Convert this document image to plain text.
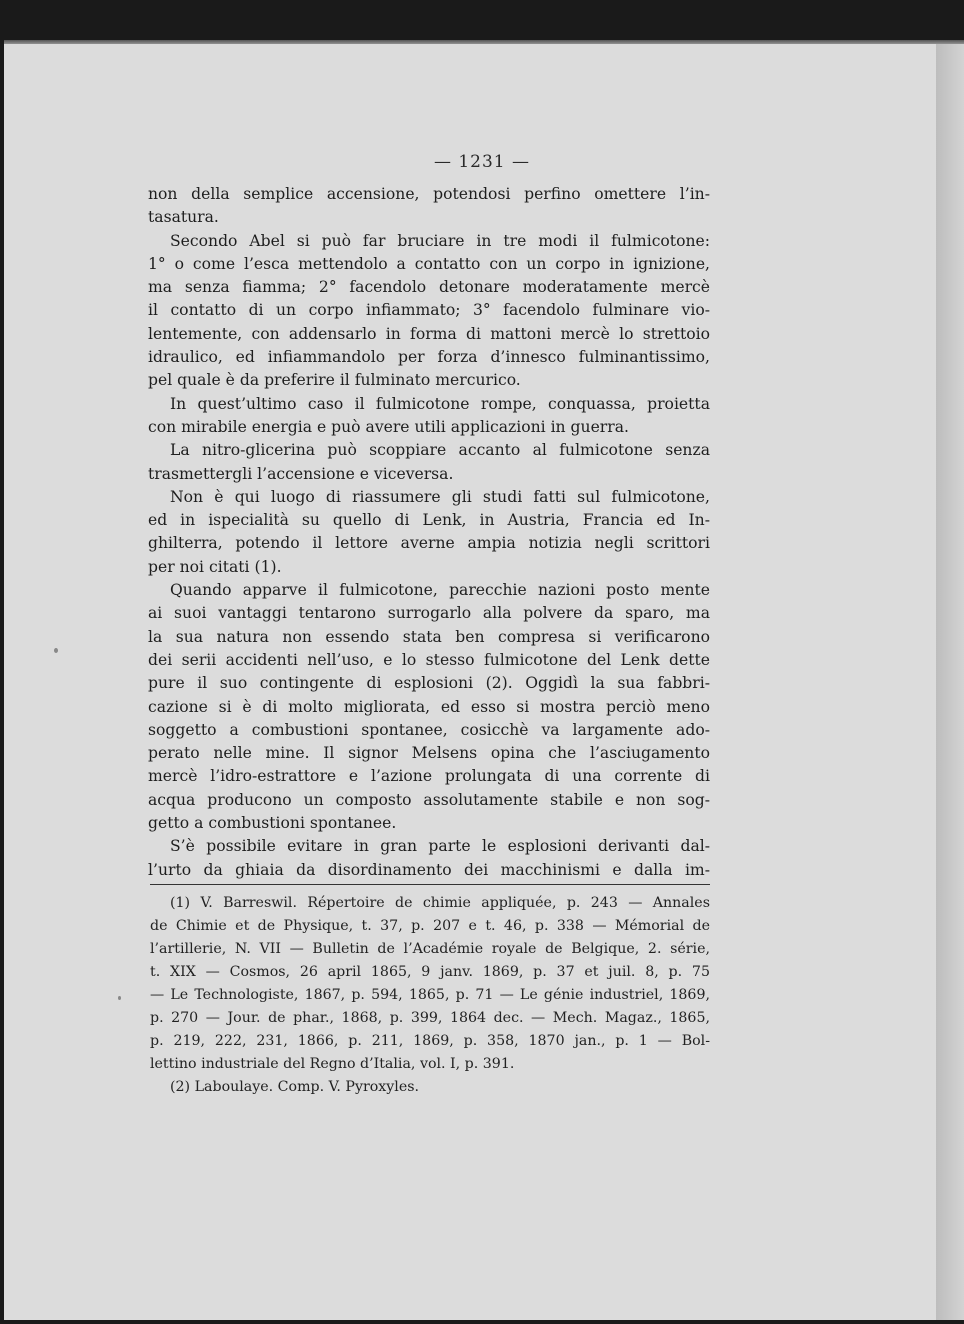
— 1231 —
non della semplice accensione, potendosi perfino omettere l’in-
tasatura.
Secondo Abel si può far bruciare in tre modi il fulmicotone:
1° o come l’esca mettendolo a contatto con un corpo in ignizione,
ma senza fiamma; 2° facendolo detonare moderatamente mercè
il contatto di un corpo infiammato; 3° facendolo fulminare vio-
lentemente, con addensarlo in forma di mattoni mercè lo strettoio
idraulico, ed infiammandolo per forza d’innesco fulminantissimo,
pel quale è da preferire il fulminato mercurico.
In quest’ultimo caso il fulmicotone rompe, conquassa, proietta
con mirabile energia e può avere utili applicazioni in guerra.
La nitro-glicerina può scoppiare accanto al fulmicotone senza
trasmettergli l’accensione e viceversa.
Non è qui luogo di riassumere gli studi fatti sul fulmicotone,
ed in ispecialità su quello di Lenk, in Austria, Francia ed In-
ghilterra, potendo il lettore averne ampia notizia negli scrittori
per noi citati (1).
Quando apparve il fulmicotone, parecchie nazioni posto mente
ai suoi vantaggi tentarono surrogarlo alla polvere da sparo, ma
la sua natura non essendo stata ben compresa si verificarono
dei serii accidenti nell’uso, e lo stesso fulmicotone del Lenk dette
pure il suo contingente di esplosioni (2). Oggidì la sua fabbri-
cazione si è di molto migliorata, ed esso si mostra perciò meno
soggetto a combustioni spontanee, cosicchè va largamente ado-
perato nelle mine. Il signor Melsens opina che l’asciugamento
mercè l’idro-estrattore e l’azione prolungata di una corrente di
acqua producono un composto assolutamente stabile e non sog-
getto a combustioni spontanee.
S’è possibile evitare in gran parte le esplosioni derivanti dal-
l’urto da ghiaia da disordinamento dei macchinismi e dalla im-
(1) V. Barreswil. Répertoire de chimie appliquée, p. 243 — Annales
de Chimie et de Physique, t. 37, p. 207 e t. 46, p. 338 — Mémorial de
l’artillerie, N. VII — Bulletin de l’Académie royale de Belgique, 2. série,
t. XIX — Cosmos, 26 april 1865, 9 janv. 1869, p. 37 et juil. 8, p. 75
— Le Technologiste, 1867, p. 594, 1865, p. 71 — Le génie industriel, 1869,
p. 270 — Jour. de phar., 1868, p. 399, 1864 dec. — Mech. Magaz., 1865,
p. 219, 222, 231, 1866, p. 211, 1869, p. 358, 1870 jan., p. 1 — Bol-
lettino industriale del Regno d’Italia, vol. I, p. 391.
(2) Laboulaye. Comp. V. Pyroxyles.
